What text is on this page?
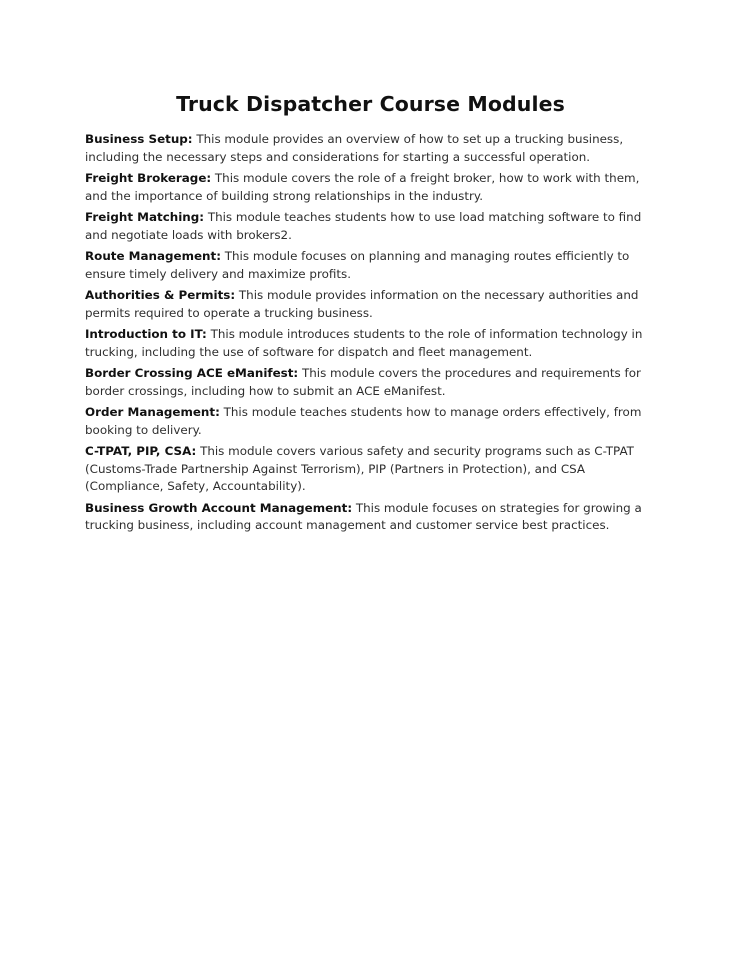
Truck Dispatcher Course Modules
Business Setup: This module provides an overview of how to set up a trucking business, including the necessary steps and considerations for starting a successful operation.
Freight Brokerage: This module covers the role of a freight broker, how to work with them, and the importance of building strong relationships in the industry.
Freight Matching: This module teaches students how to use load matching software to find and negotiate loads with brokers2.
Route Management: This module focuses on planning and managing routes efficiently to ensure timely delivery and maximize profits.
Authorities & Permits: This module provides information on the necessary authorities and permits required to operate a trucking business.
Introduction to IT: This module introduces students to the role of information technology in trucking, including the use of software for dispatch and fleet management.
Border Crossing ACE eManifest: This module covers the procedures and requirements for border crossings, including how to submit an ACE eManifest.
Order Management: This module teaches students how to manage orders effectively, from booking to delivery.
C-TPAT, PIP, CSA: This module covers various safety and security programs such as C-TPAT (Customs-Trade Partnership Against Terrorism), PIP (Partners in Protection), and CSA (Compliance, Safety, Accountability).
Business Growth Account Management: This module focuses on strategies for growing a trucking business, including account management and customer service best practices.
